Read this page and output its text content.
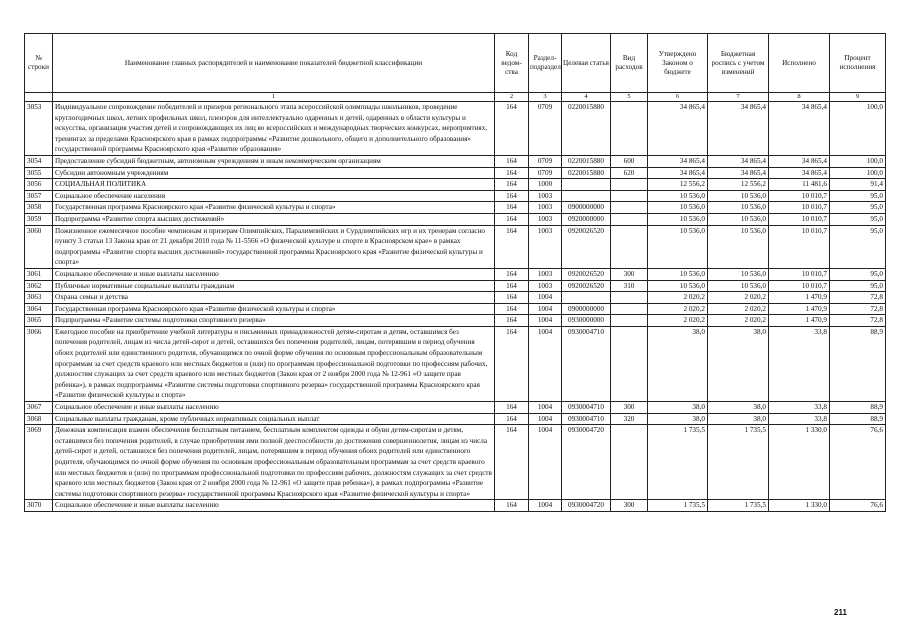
№ строки	Наименование главных распорядителей и наименование показателей бюджетной классификации	Код ведом-ства	Раздел-подраздел	Целевая статья	Вид расходов	Утверждено Законом о бюджете	Бюджетная роспись с учетом изменений	Исполнено	Процент исполнения
	1	2	3	4	5	6	7	8	9
3053	Индивидуальное сопровождение победителей и призеров регионального этапа всероссийской олимпиады школьников, проведение круглогодичных школ, летних профильных школ, пленэров для интеллектуально одаренных и детей, одаренных в области культуры и искусства, организация участия детей и сопровождающих их лиц во всероссийских и международных творческих конкурсах, мероприятиях, тренингах за пределами Красноярского края в рамках подпрограммы «Развитие дошкольного, общего и дополнительного образования» государственной программы Красноярского края «Развитие образования»	164	0709	0220015880		34 865,4	34 865,4	34 865,4	100,0
3054	Предоставление субсидий бюджетным, автономным учреждениям и иным некоммерческим организациям	164	0709	0220015880	600	34 865,4	34 865,4	34 865,4	100,0
3055	Субсидии автономным учреждениям	164	0709	0220015880	620	34 865,4	34 865,4	34 865,4	100,0
3056	СОЦИАЛЬНАЯ ПОЛИТИКА	164	1000			12 556,2	12 556,2	11 481,6	91,4
3057	Социальное обеспечение населения	164	1003			10 536,0	10 536,0	10 010,7	95,0
3058	Государственная программа Красноярского края «Развитие физической культуры и спорта»	164	1003	0900000000		10 536,0	10 536,0	10 010,7	95,0
3059	Подпрограмма «Развитие спорта высших достижений»	164	1003	0920000000		10 536,0	10 536,0	10 010,7	95,0
3060	Пожизненное ежемесячное пособие чемпионам и призерам Олимпийских, Паралимпийских и Сурдлимпийских игр и их тренерам согласно пункту 3 статьи 13 Закона края от 21 декабря 2010 года № 11-5566 «О физической культуре и спорте в Красноярском крае» в рамках подпрограммы «Развитие спорта высших достижений» государственной программы Красноярского края «Развитие физической культуры и спорта»	164	1003	0920026520		10 536,0	10 536,0	10 010,7	95,0
3061	Социальное обеспечение и иные выплаты населению	164	1003	0920026520	300	10 536,0	10 536,0	10 010,7	95,0
3062	Публичные нормативные социальные выплаты гражданам	164	1003	0920026520	310	10 536,0	10 536,0	10 010,7	95,0
3063	Охрана семьи и детства	164	1004			2 020,2	2 020,2	1 470,9	72,8
3064	Государственная программа Красноярского края «Развитие физической культуры и спорта»	164	1004	0900000000		2 020,2	2 020,2	1 470,9	72,8
3065	Подпрограмма «Развитие системы подготовки спортивного резерва»	164	1004	0930000000		2 020,2	2 020,2	1 470,9	72,8
3066	Ежегодное пособие на приобретение учебной литературы и письменных принадлежностей детям-сиротам и детям, оставшимся без попечения родителей, лицам из числа детей-сирот и детей, оставшихся без попечения родителей, лицам, потерявшим в период обучения обоих родителей или единственного родителя, обучающимся по очной форме обучения по основным профессиональным образовательным программам за счет средств краевого или местных бюджетов и (или) по программам профессиональной подготовки по профессиям рабочих, должностям служащих за счет средств краевого или местных бюджетов (Закон края от 2 ноября 2000 года № 12-961 «О защите прав ребенка»), в рамках подпрограммы «Развитие системы подготовки спортивного резерва» государственной программы Красноярского края «Развитие физической культуры и спорта»	164	1004	0930004710		38,0	38,0	33,8	88,9
3067	Социальное обеспечение и иные выплаты населению	164	1004	0930004710	300	38,0	38,0	33,8	88,9
3068	Социальные выплаты гражданам, кроме публичных нормативных социальных выплат	164	1004	0930004710	320	38,0	38,0	33,8	88,9
3069	Денежная компенсация взамен обеспечения бесплатным питанием, бесплатным комплектом одежды и обуви детям-сиротам и детям, оставшимся без попечения родителей, в случае приобретения ими полной дееспособности до достижения совершеннолетия, лицам из числа детей-сирот и детей, оставшихся без попечения родителей, лицам, потерявшим в период обучения обоих родителей или единственного родителя, обучающимся по очной форме обучения по основным профессиональным образовательным программам за счет средств краевого или местных бюджетов и (или) по программам профессиональной подготовки по профессиям рабочих, должностям служащих за счет средств краевого или местных бюджетов (Закон края от 2 ноября 2000 года № 12-961 «О защите прав ребенка»), в рамках подпрограммы «Развитие системы подготовки спортивного резерва» государственной программы Красноярского края «Развитие физической культуры и спорта»	164	1004	0930004720		1 735,5	1 735,5	1 330,0	76,6
3070	Социальное обеспечение и иные выплаты населению	164	1004	0930004720	300	1 735,5	1 735,5	1 330,0	76,6
211
